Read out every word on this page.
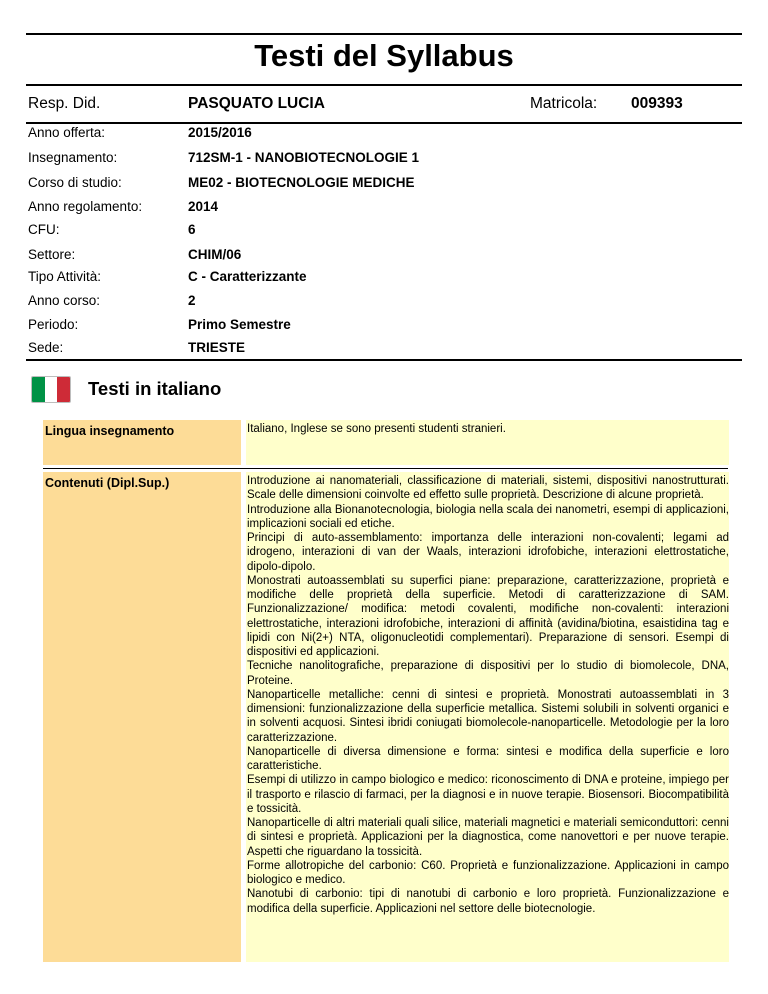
Testi del Syllabus
Resp. Did.	PASQUATO LUCIA	Matricola: 009393
Anno offerta:	2015/2016
Insegnamento:	712SM-1 - NANOBIOTECNOLOGIE 1
Corso di studio:	ME02 - BIOTECNOLOGIE MEDICHE
Anno regolamento:	2014
CFU:	6
Settore:	CHIM/06
Tipo Attività:	C - Caratterizzante
Anno corso:	2
Periodo:	Primo Semestre
Sede:	TRIESTE
Testi in italiano
Lingua insegnamento	Italiano, Inglese se sono presenti studenti stranieri.
Contenuti (Dipl.Sup.)	Introduzione ai nanomateriali, classificazione di materiali, sistemi, dispositivi nanostrutturati. Scale delle dimensioni coinvolte ed effetto sulle proprietà. Descrizione di alcune proprietà.

Introduzione alla Bionanotecnologia, biologia nella scala dei nanometri, esempi di applicazioni, implicazioni sociali ed etiche.

Principi di auto-assemblamento: importanza delle interazioni non-covalenti; legami ad idrogeno, interazioni di van der Waals, interazioni idrofobiche, interazioni elettrostatiche, dipolo-dipolo.

Monostrati autoassemblati su superfici piane: preparazione, caratterizzazione, proprietà e modifiche delle proprietà della superficie. Metodi di caratterizzazione di SAM. Funzionalizzazione/ modifica: metodi covalenti, modifiche non-covalenti: interazioni elettrostatiche, interazioni idrofobiche, interazioni di affinità (avidina/biotina, esaistidina tag e lipidi con Ni(2+) NTA, oligonucleotidi complementari). Preparazione di sensori. Esempi di dispositivi ed applicazioni.

Tecniche nanolitografiche, preparazione di dispositivi per lo studio di biomolecole, DNA, Proteine.

Nanoparticelle metalliche: cenni di sintesi e proprietà. Monostrati autoassemblati in 3 dimensioni: funzionalizzazione della superficie metallica. Sistemi solubili in solventi organici e in solventi acquosi. Sintesi ibridi coniugati biomolecole-nanoparticelle. Metodologie per la loro caratterizzazione.

Nanoparticelle di diversa dimensione e forma: sintesi e modifica della superficie e loro caratteristiche.

Esempi di utilizzo in campo biologico e medico: riconoscimento di DNA e proteine, impiego per il trasporto e rilascio di farmaci, per la diagnosi e in nuove terapie. Biosensori. Biocompatibilità e tossicità.

Nanoparticelle di altri materiali quali silice, materiali magnetici e materiali semiconduttori: cenni di sintesi e proprietà. Applicazioni per la diagnostica, come nanovettori e per nuove terapie. Aspetti che riguardano la tossicità.

Forme allotropiche del carbonio: C60. Proprietà e funzionalizzazione. Applicazioni in campo biologico e medico.

Nanotubi di carbonio: tipi di nanotubi di carbonio e loro proprietà. Funzionalizzazione e modifica della superficie. Applicazioni nel settore delle biotecnologie.
